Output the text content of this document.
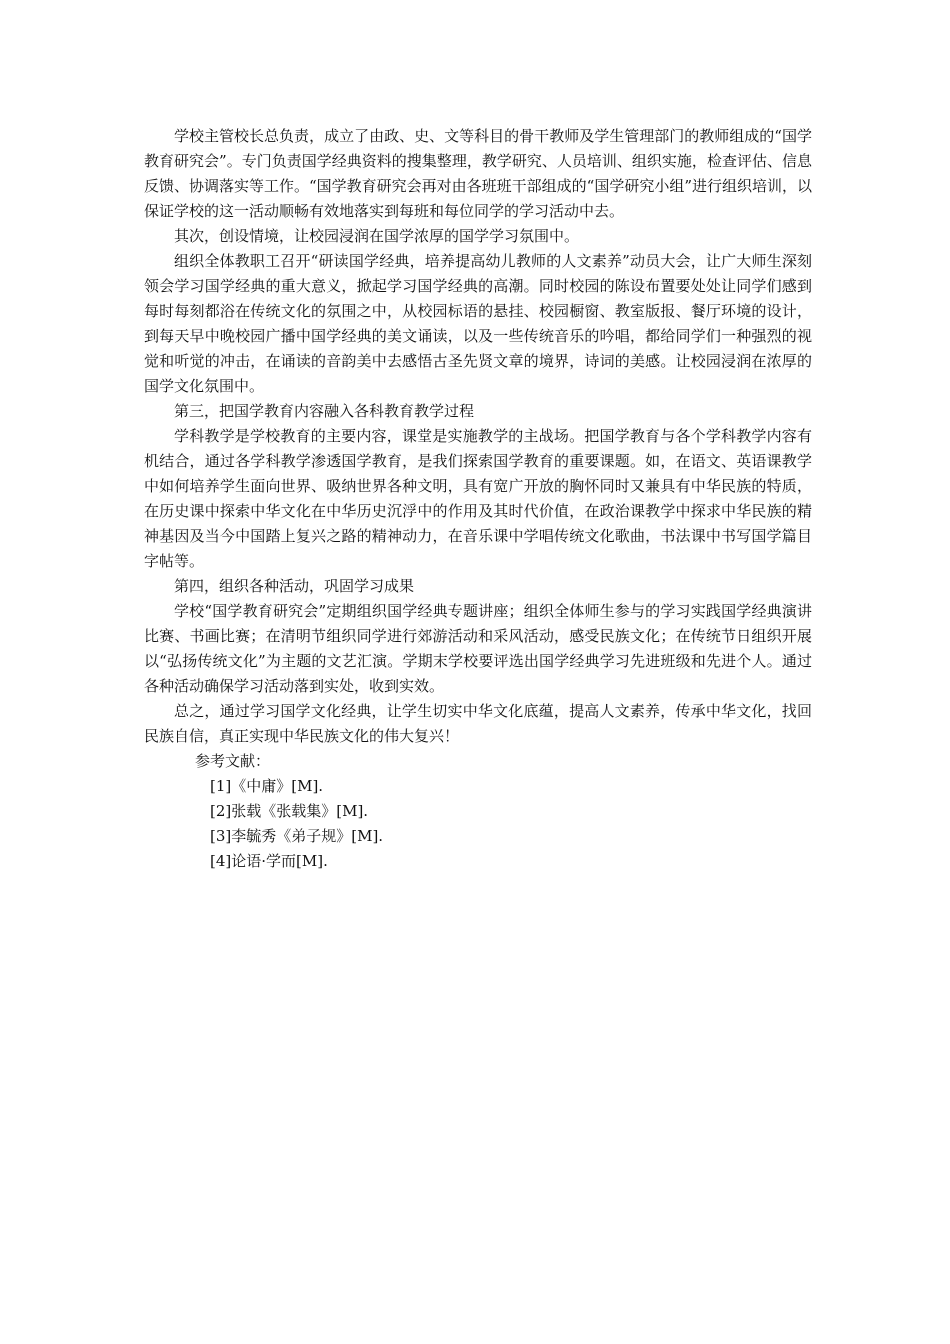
学校主管校长总负责，成立了由政、史、文等科目的骨干教师及学生管理部门的教师组成的“国学教育研究会”。专门负责国学经典资料的搜集整理，教学研究、人员培训、组织实施，检查评估、信息反馈、协调落实等工作。“国学教育研究会再对由各班班干部组成的“国学研究小组”进行组织培训，以保证学校的这一活动顺畅有效地落实到每班和每位同学的学习活动中去。

其次，创设情境，让校园浸润在国学浓厚的国学学习氛围中。

组织全体教职工召开“研读国学经典，培养提高幼儿教师的人文素养”动员大会，让广大师生深刻领会学习国学经典的重大意义，掀起学习国学经典的高潮。同时校园的陈设布置要处处让同学们感到每时每刻都浴在传统文化的氛围之中，从校园标语的悬挂、校园橱窗、教室版报、餐厅环境的设计，到每天早中晚校园广播中国学经典的美文诵读，以及一些传统音乐的吟唱，都给同学们一种强烈的视觉和听觉的冲击，在诵读的音韵美中去感悟古圣先贤文章的境界，诗词的美感。让校园浸润在浓厚的国学文化氛围中。

第三，把国学教育内容融入各科教育教学过程

学科教学是学校教育的主要内容，课堂是实施教学的主战场。把国学教育与各个学科教学内容有机结合，通过各学科教学渗透国学教育，是我们探索国学教育的重要课题。如，在语文、英语课教学中如何培养学生面向世界、吸纳世界各种文明，具有宽广开放的胸怀同时又兼具有中华民族的特质，在历史课中探索中华文化在中华历史沉浮中的作用及其时代价值，在政治课教学中探求中华民族的精神基因及当今中国踏上复兴之路的精神动力，在音乐课中学唱传统文化歌曲，书法课中书写国学篇目字帖等。

第四，组织各种活动，巩固学习成果

学校“国学教育研究会”定期组织国学经典专题讲座；组织全体师生参与的学习实践国学经典演讲比赛、书画比赛；在清明节组织同学进行郊游活动和采风活动，感受民族文化；在传统节日组织开展以“弘扬传统文化”为主题的文艺汇演。学期末学校要评选出国学经典学习先进班级和先进个人。通过各种活动确保学习活动落到实处，收到实效。

总之，通过学习国学文化经典，让学生切实中华文化底蕴，提高人文素养，传承中华文化，找回民族自信，真正实现中华民族文化的伟大复兴！

参考文献：

[1]《中庸》[M].

[2]张载《张载集》[M].

[3]李毓秀《弟子规》[M].

[4]论语·学而[M].
